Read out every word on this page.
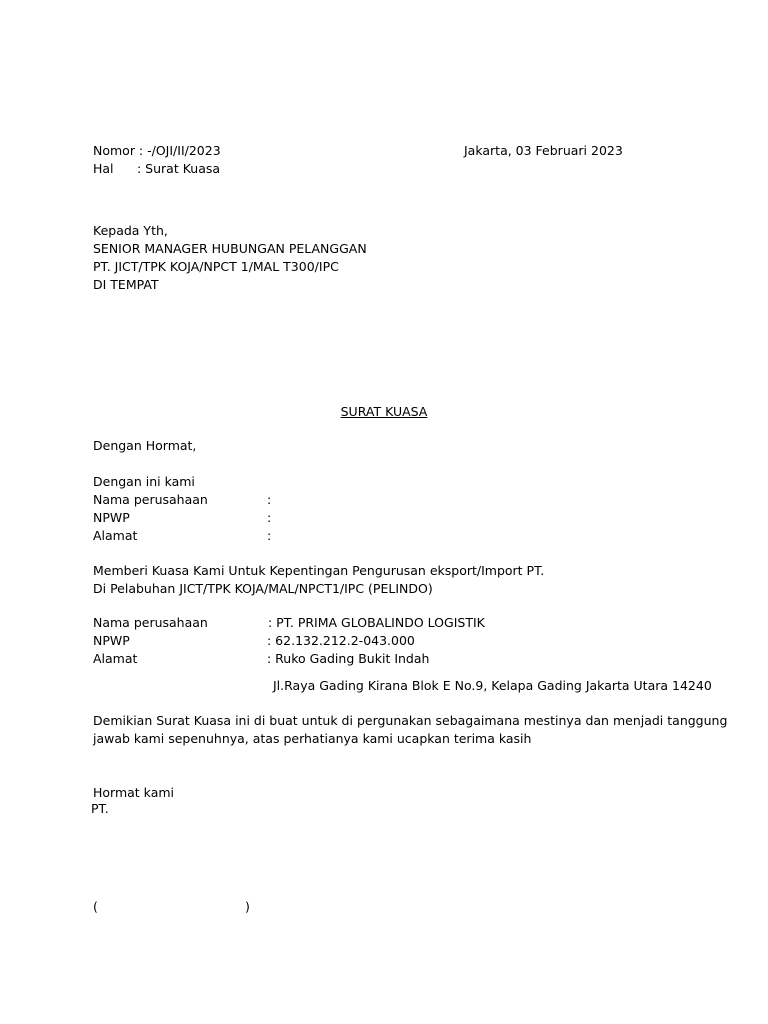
Nomor : -/OJI/II/2023	Jakarta, 03 Februari 2023
Hal : Surat Kuasa
Kepada Yth,
SENIOR MANAGER HUBUNGAN PELANGGAN
PT. JICT/TPK KOJA/NPCT 1/MAL T300/IPC
DI TEMPAT
SURAT KUASA
Dengan Hormat,
Dengan ini kami
Nama perusahaan	:
NPWP	:
Alamat	:
Memberi Kuasa Kami Untuk Kepentingan Pengurusan eksport/Import PT.
Di Pelabuhan JICT/TPK KOJA/MAL/NPCT1/IPC (PELINDO)
Nama perusahaan	: PT. PRIMA GLOBALINDO LOGISTIK
NPWP	: 62.132.212.2-043.000
Alamat	: Ruko Gading Bukit Indah
Jl.Raya Gading Kirana Blok E No.9, Kelapa Gading Jakarta Utara 14240
Demikian Surat Kuasa ini di buat untuk di pergunakan sebagaimana mestinya dan menjadi tanggung
jawab kami sepenuhnya, atas perhatianya kami ucapkan terima kasih
Hormat kami
PT.
(	)
